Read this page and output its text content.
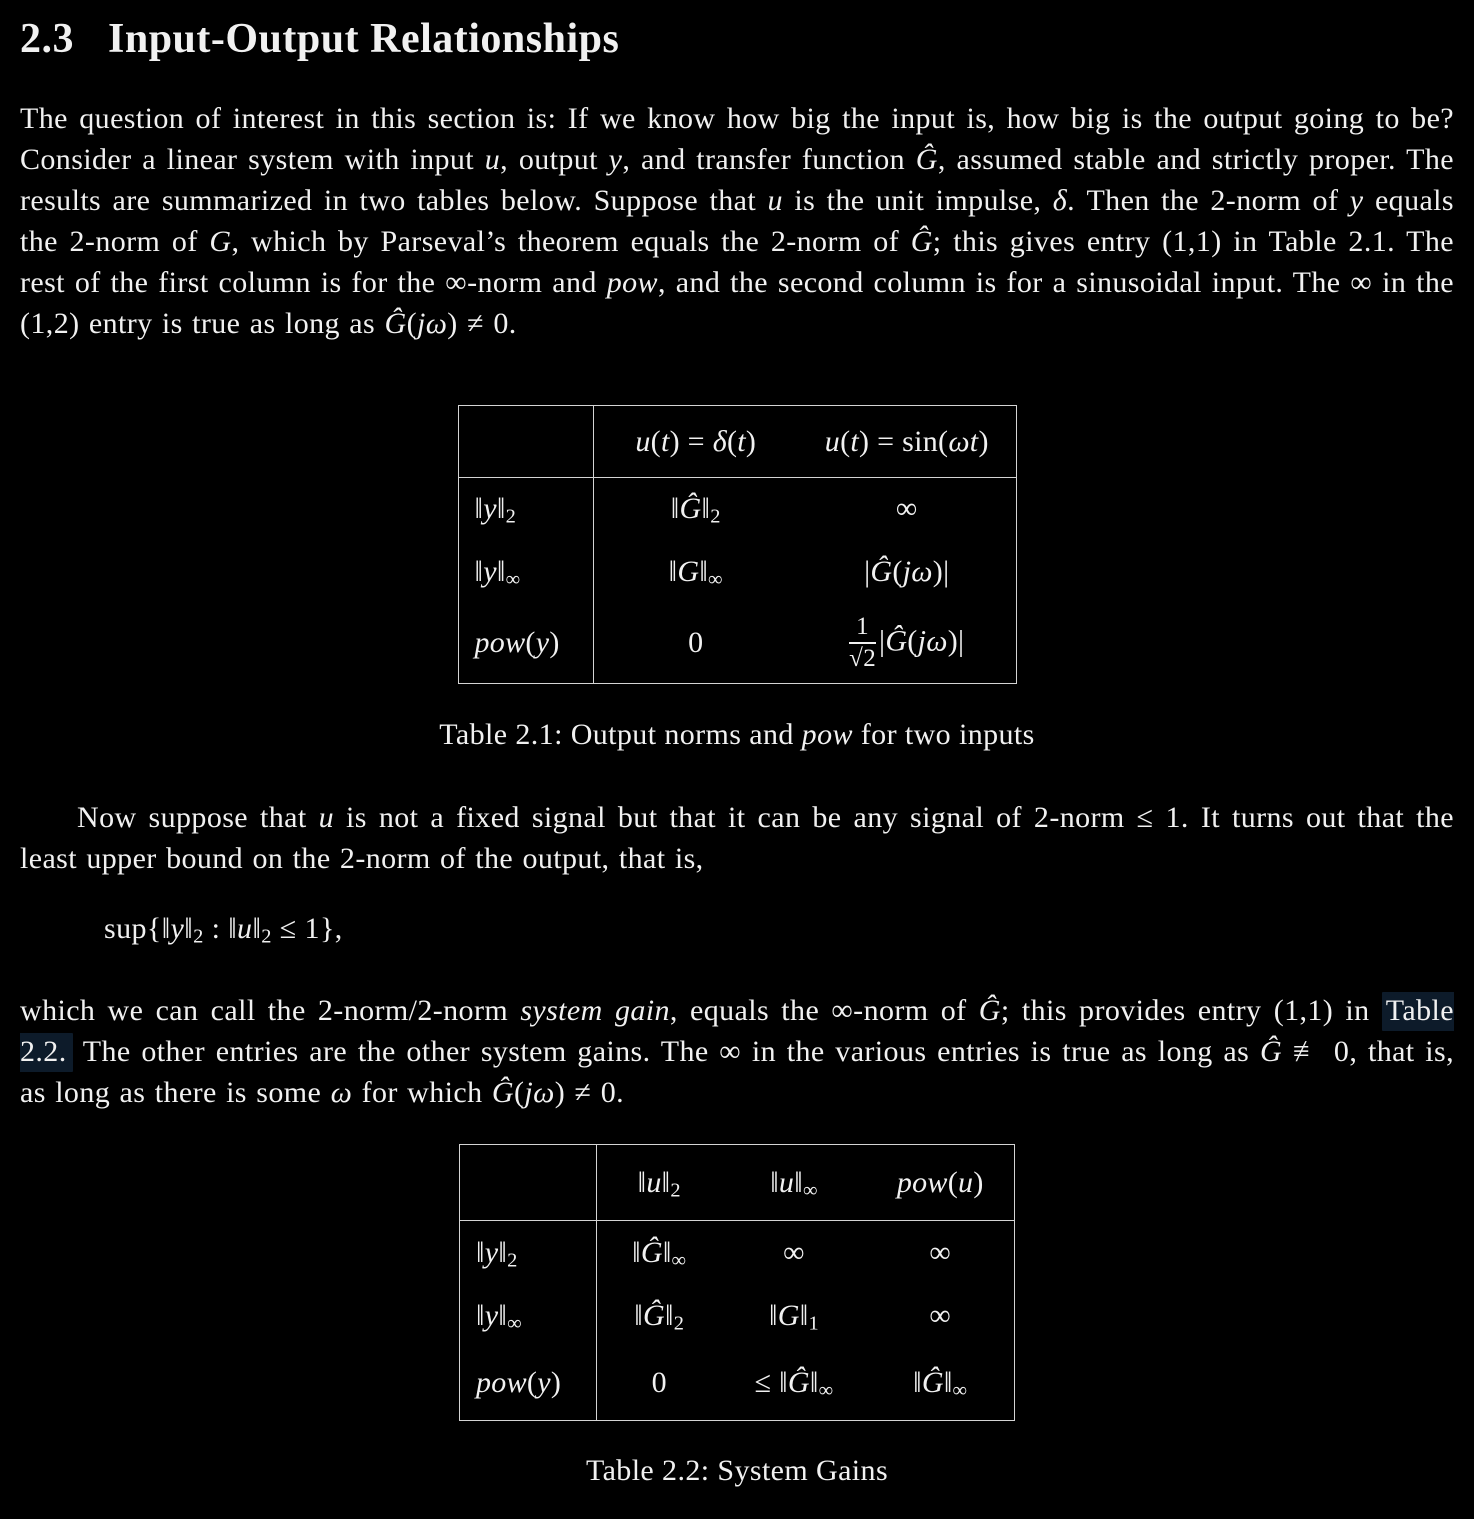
2.3 Input-Output Relationships

The question of interest in this section is: If we know how big the input is, how big is the output going to be? Consider a linear system with input u, output y, and transfer function Ĝ, assumed stable and strictly proper. The results are summarized in two tables below. Suppose that u is the unit impulse, δ. Then the 2-norm of y equals the 2-norm of G, which by Parseval’s theorem equals the 2-norm of Ĝ; this gives entry (1,1) in Table 2.1. The rest of the first column is for the ∞-norm and pow, and the second column is for a sinusoidal input. The ∞ in the (1,2) entry is true as long as Ĝ(jω) ≠ 0.

	u(t) = δ(t)	u(t) = sin(ωt)
$‖y‖_2$	$‖Ĝ‖_2$	∞
$‖y‖_\infty$	$‖G‖_\infty$	|Ĝ(jω)|
pow(y)	0	$\frac{1}{√2}$ |Ĝ(jω)|

Table 2.1: Output norms and pow for two inputs

Now suppose that u is not a fixed signal but that it can be any signal of 2-norm ≤ 1. It turns out that the least upper bound on the 2-norm of the output, that is,

$sup\{‖y‖_2$ : $‖u‖_2 \le 1$},

which we can call the 2-norm/2-norm system gain, equals the ∞-norm of Ĝ; this provides entry (1,1) in Table 2.2. The other entries are the other system gains. The ∞ in the various entries is true as long as Ĝ ≢ 0, that is, as long as there is some ω for which Ĝ(jω) ≠ 0.

	$‖u‖_2$	$‖u‖_\infty$	pow(u)
$‖y‖_2$	$‖Ĝ‖_\infty$	∞	∞
$‖y‖_\infty$	$‖Ĝ‖_2$	$‖G‖_1$	∞
pow(y)	0	≤ $‖Ĝ‖_\infty$	$‖Ĝ‖_\infty$

Table 2.2: System Gains
